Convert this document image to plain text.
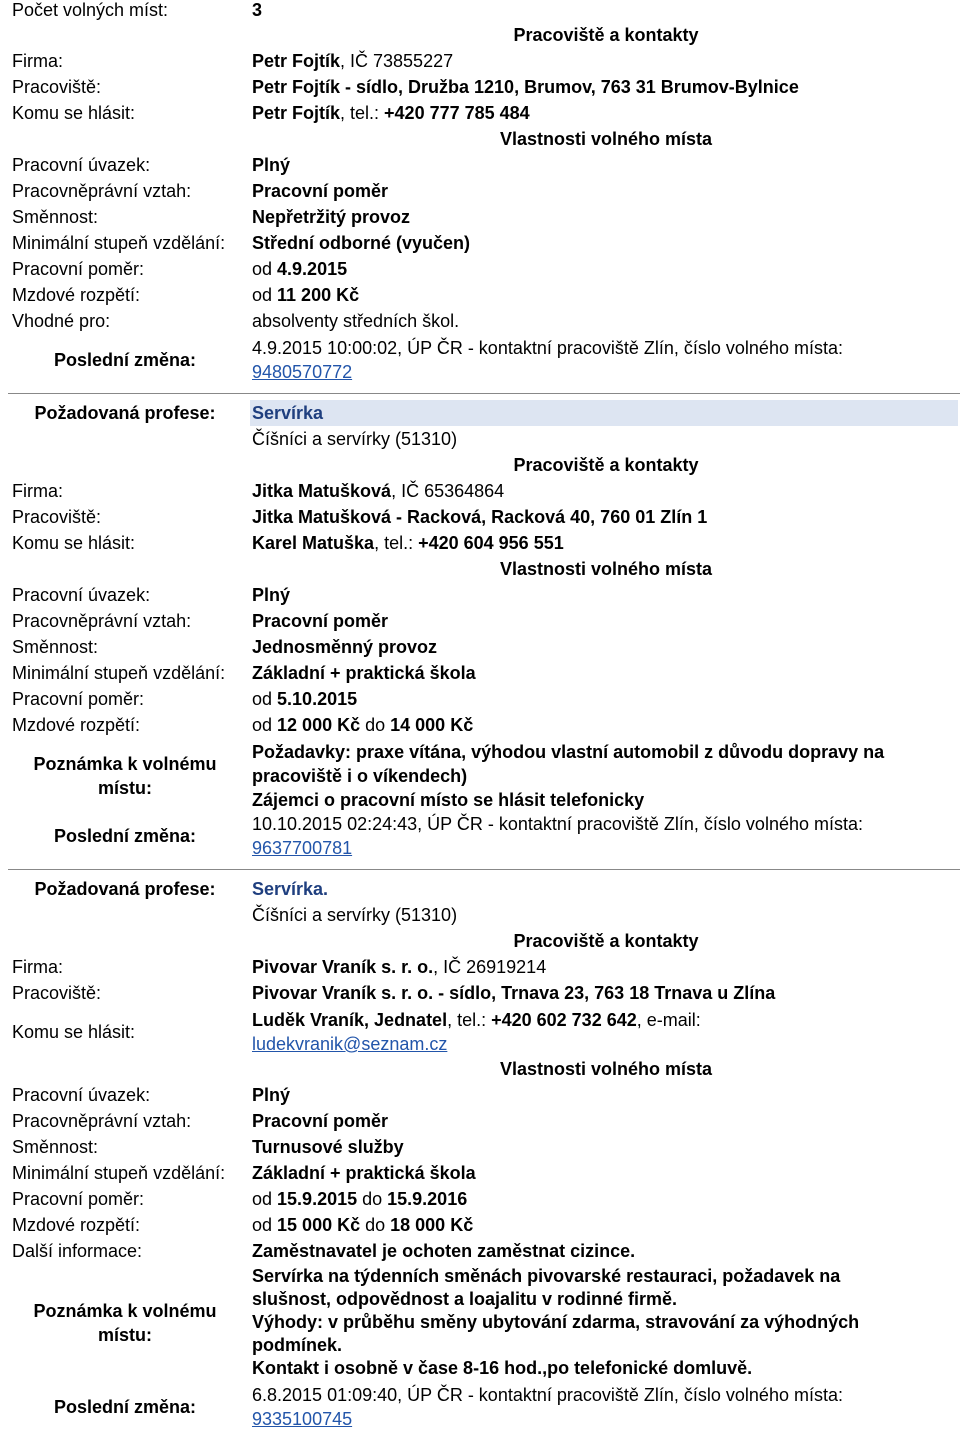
Počet volných míst:	3
Pracoviště a kontakty
Firma:	Petr Fojtík, IČ 73855227
Pracoviště:	Petr Fojtík - sídlo, Družba 1210, Brumov, 763 31 Brumov-Bylnice
Komu se hlásit:	Petr Fojtík, tel.: +420 777 785 484
Vlastnosti volného místa
Pracovní úvazek:	Plný
Pracovněprávní vztah:	Pracovní poměr
Směnnost:	Nepřetržitý provoz
Minimální stupeň vzdělání: Střední odborné (vyučen)
Pracovní poměr:	od 4.9.2015
Mzdové rozpětí:	od 11 200 Kč
Vhodné pro:	absolventy středních škol.
Poslední změna:
4.9.2015 10:00:02, ÚP ČR - kontaktní pracoviště Zlín, číslo volného místa:
9480570772
Požadovaná profese:	Servírka
Číšníci a servírky (51310)
Pracoviště a kontakty
Firma:	Jitka Matušková, IČ 65364864
Pracoviště:	Jitka Matušková - Racková, Racková 40, 760 01 Zlín 1
Komu se hlásit:	Karel Matuška, tel.: +420 604 956 551
Vlastnosti volného místa
Pracovní úvazek:	Plný
Pracovněprávní vztah:	Pracovní poměr
Směnnost:	Jednosměnný provoz
Minimální stupeň vzdělání: Základní + praktická škola
Pracovní poměr:	od 5.10.2015
Mzdové rozpětí:	od 12 000 Kč do 14 000 Kč
Poznámka k volnému
místu:
Požadavky: praxe vítána, výhodou vlastní automobil z důvodu dopravy na
pracoviště i o víkendech)
Zájemci o pracovní místo se hlásit telefonicky
Poslední změna:
10.10.2015 02:24:43, ÚP ČR - kontaktní pracoviště Zlín, číslo volného místa:
9637700781
Požadovaná profese:	Servírka.
Číšníci a servírky (51310)
Pracoviště a kontakty
Firma:	Pivovar Vraník s. r. o., IČ 26919214
Pracoviště:	Pivovar Vraník s. r. o. - sídlo, Trnava 23, 763 18 Trnava u Zlína
Komu se hlásit:
Luděk Vraník, Jednatel, tel.: +420 602 732 642, e-mail:
ludekvranik@seznam.cz
Vlastnosti volného místa
Pracovní úvazek:	Plný
Pracovněprávní vztah:	Pracovní poměr
Směnnost:	Turnusové služby
Minimální stupeň vzdělání: Základní + praktická škola
Pracovní poměr:	od 15.9.2015 do 15.9.2016
Mzdové rozpětí:	od 15 000 Kč do 18 000 Kč
Další informace:	Zaměstnavatel je ochoten zaměstnat cizince.
Poznámka k volnému
místu:
Servírka na týdenních směnách pivovarské restauraci, požadavek na
slušnost, odpovědnost a loajalitu v rodinné firmě.
Výhody: v průběhu směny ubytování zdarma, stravování za výhodných
podmínek.
Kontakt i osobně v čase 8-16 hod.,po telefonické domluvě.
Poslední změna:
6.8.2015 01:09:40, ÚP ČR - kontaktní pracoviště Zlín, číslo volného místa:
9335100745
